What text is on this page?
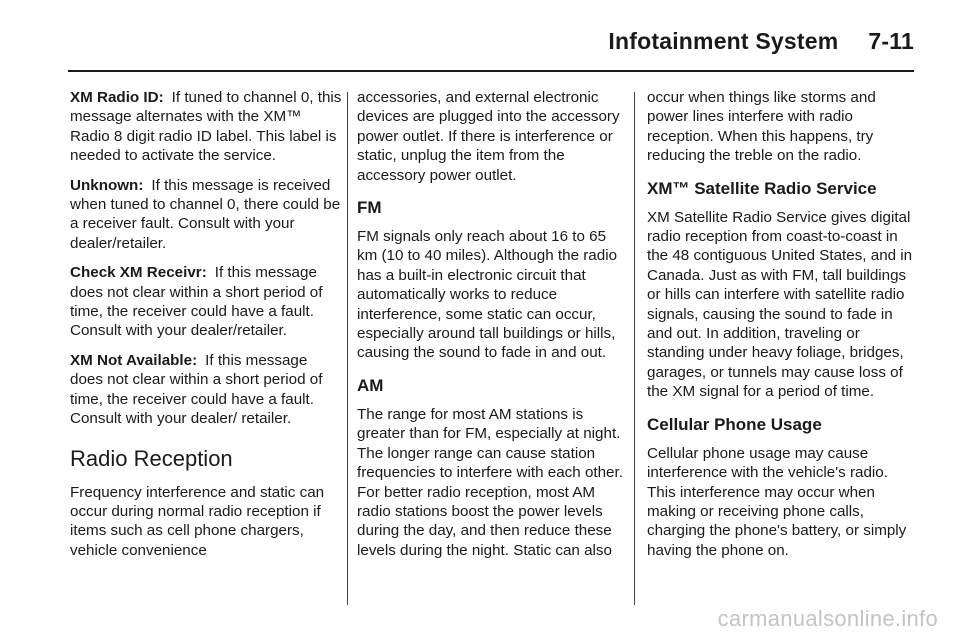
Infotainment System 7-11

XM Radio ID: If tuned to channel 0, this message alternates with the XM™ Radio 8 digit radio ID label. This label is needed to activate the service.

Unknown: If this message is received when tuned to channel 0, there could be a receiver fault. Consult with your dealer/retailer.

Check XM Receivr: If this message does not clear within a short period of time, the receiver could have a fault. Consult with your dealer/retailer.

XM Not Available: If this message does not clear within a short period of time, the receiver could have a fault. Consult with your dealer/ retailer.

Radio Reception

Frequency interference and static can occur during normal radio reception if items such as cell phone chargers, vehicle convenience

accessories, and external electronic devices are plugged into the accessory power outlet. If there is interference or static, unplug the item from the accessory power outlet.

FM

FM signals only reach about 16 to 65 km (10 to 40 miles). Although the radio has a built-in electronic circuit that automatically works to reduce interference, some static can occur, especially around tall buildings or hills, causing the sound to fade in and out.

AM

The range for most AM stations is greater than for FM, especially at night. The longer range can cause station frequencies to interfere with each other. For better radio reception, most AM radio stations boost the power levels during the day, and then reduce these levels during the night. Static can also

occur when things like storms and power lines interfere with radio reception. When this happens, try reducing the treble on the radio.

XM™ Satellite Radio Service

XM Satellite Radio Service gives digital radio reception from coast-to-coast in the 48 contiguous United States, and in Canada. Just as with FM, tall buildings or hills can interfere with satellite radio signals, causing the sound to fade in and out. In addition, traveling or standing under heavy foliage, bridges, garages, or tunnels may cause loss of the XM signal for a period of time.

Cellular Phone Usage

Cellular phone usage may cause interference with the vehicle's radio. This interference may occur when making or receiving phone calls, charging the phone's battery, or simply having the phone on.

carmanualsonline.info
